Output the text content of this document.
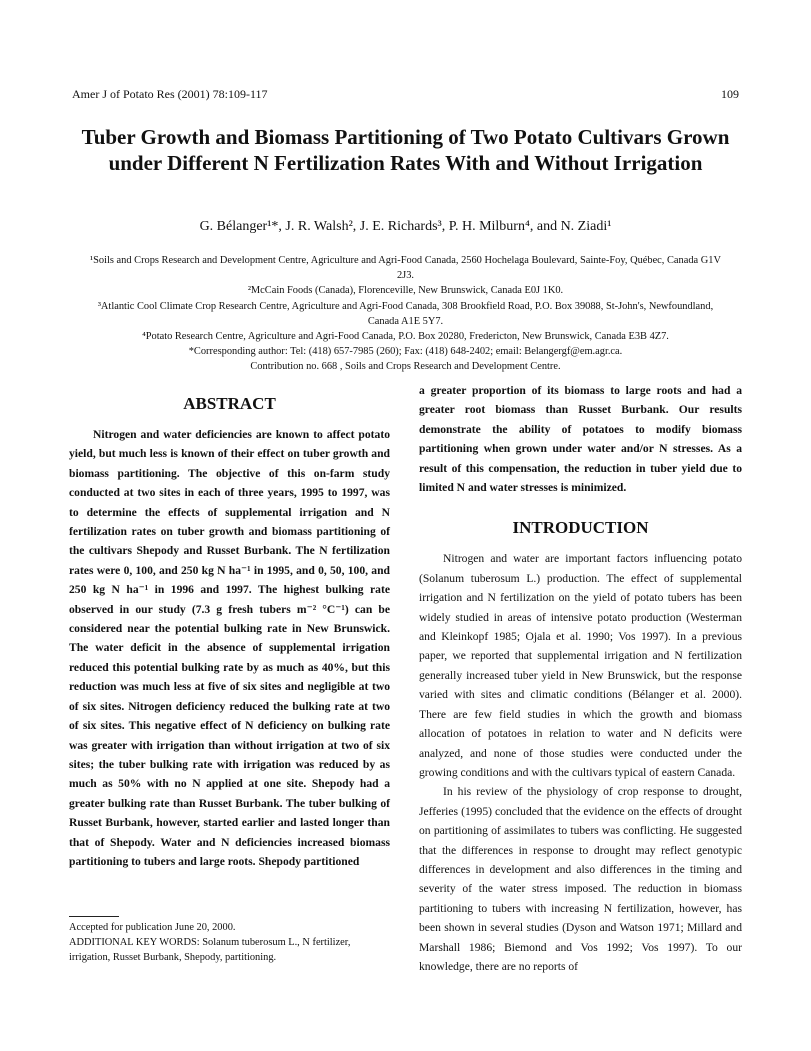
Amer J of Potato Res (2001) 78:109-117	109
Tuber Growth and Biomass Partitioning of Two Potato Cultivars Grown under Different N Fertilization Rates With and Without Irrigation
G. Bélanger¹*, J. R. Walsh², J. E. Richards³, P. H. Milburn⁴, and N. Ziadi¹

¹Soils and Crops Research and Development Centre, Agriculture and Agri-Food Canada, 2560 Hochelaga Boulevard, Sainte-Foy, Québec, Canada G1V 2J3.

²McCain Foods (Canada), Florenceville, New Brunswick, Canada E0J 1K0.

³Atlantic Cool Climate Crop Research Centre, Agriculture and Agri-Food Canada, 308 Brookfield Road, P.O. Box 39088, St-John's, Newfoundland, Canada A1E 5Y7.

⁴Potato Research Centre, Agriculture and Agri-Food Canada, P.O. Box 20280, Fredericton, New Brunswick, Canada E3B 4Z7.

*Corresponding author: Tel: (418) 657-7985 (260); Fax: (418) 648-2402; email: Belangergf@em.agr.ca.

Contribution no. 668 , Soils and Crops Research and Development Centre.

ABSTRACT

Nitrogen and water deficiencies are known to affect potato yield, but much less is known of their effect on tuber growth and biomass partitioning. The objective of this on-farm study conducted at two sites in each of three years, 1995 to 1997, was to determine the effects of supplemental irrigation and N fertilization rates on tuber growth and biomass partitioning of the cultivars Shepody and Russet Burbank. The N fertilization rates were 0, 100, and 250 kg N ha⁻¹ in 1995, and 0, 50, 100, and 250 kg N ha⁻¹ in 1996 and 1997. The highest bulking rate observed in our study (7.3 g fresh tubers m⁻² °C⁻¹) can be considered near the potential bulking rate in New Brunswick. The water deficit in the absence of supplemental irrigation reduced this potential bulking rate by as much as 40%, but this reduction was much less at five of six sites and negligible at two of six sites. Nitrogen deficiency reduced the bulking rate at two of six sites. This negative effect of N deficiency on bulking rate was greater with irrigation than without irrigation at two of six sites; the tuber bulking rate with irrigation was reduced by as much as 50% with no N applied at one site. Shepody had a greater bulking rate than Russet Burbank. The tuber bulking of Russet Burbank, however, started earlier and lasted longer than that of Shepody. Water and N deficiencies increased biomass partitioning to tubers and large roots. Shepody partitioned

a greater proportion of its biomass to large roots and had a greater root biomass than Russet Burbank. Our results demonstrate the ability of potatoes to modify biomass partitioning when grown under water and/or N stresses. As a result of this compensation, the reduction in tuber yield due to limited N and water stresses is minimized.

INTRODUCTION

Nitrogen and water are important factors influencing potato (Solanum tuberosum L.) production. The effect of supplemental irrigation and N fertilization on the yield of potato tubers has been widely studied in areas of intensive potato production (Westerman and Kleinkopf 1985; Ojala et al. 1990; Vos 1997). In a previous paper, we reported that supplemental irrigation and N fertilization generally increased tuber yield in New Brunswick, but the response varied with sites and climatic conditions (Bélanger et al. 2000). There are few field studies in which the growth and biomass allocation of potatoes in relation to water and N deficits were analyzed, and none of those studies were conducted under the growing conditions and with the cultivars typical of eastern Canada.

In his review of the physiology of crop response to drought, Jefferies (1995) concluded that the evidence on the effects of drought on partitioning of assimilates to tubers was conflicting. He suggested that the differences in response to drought may reflect genotypic differences in development and also differences in the timing and severity of the water stress imposed. The reduction in biomass partitioning to tubers with increasing N fertilization, however, has been shown in several studies (Dyson and Watson 1971; Millard and Marshall 1986; Biemond and Vos 1992; Vos 1997). To our knowledge, there are no reports of

Accepted for publication June 20, 2000.

ADDITIONAL KEY WORDS: Solanum tuberosum L., N fertilizer, irrigation, Russet Burbank, Shepody, partitioning.
